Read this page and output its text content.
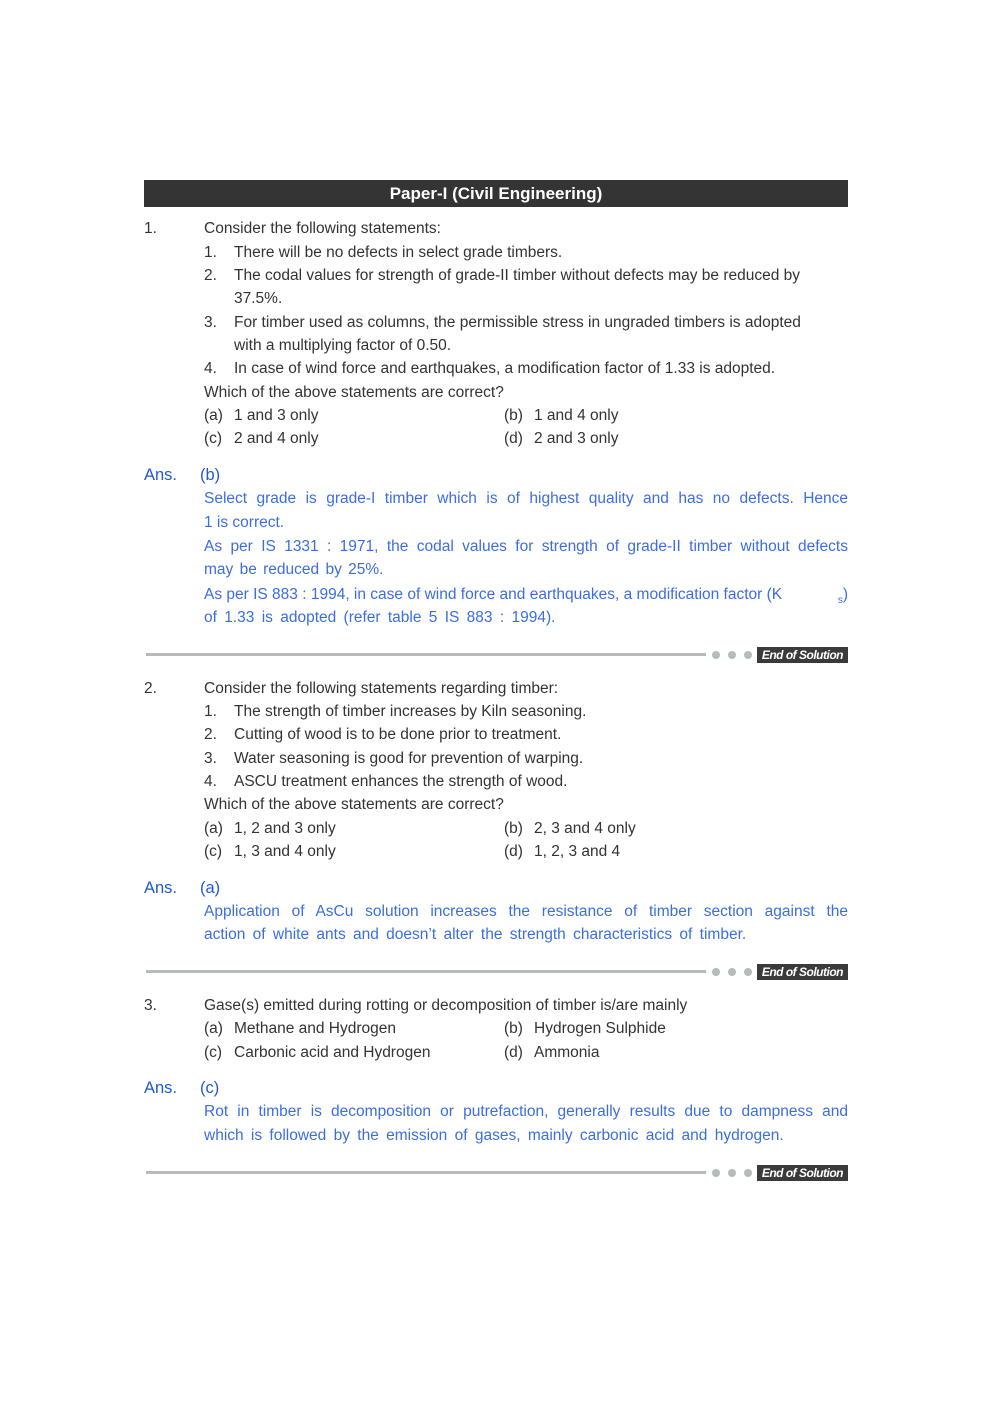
Paper-I (Civil Engineering)
1.	Consider the following statements:
1. There will be no defects in select grade timbers.
2. The codal values for strength of grade-II timber without defects may be reduced by
37.5%.
3. For timber used as columns, the permissible stress in ungraded timbers is adopted
with a multiplying factor of 0.50.
4. In case of wind force and earthquakes, a modification factor of 1.33 is adopted.
Which of the above statements are correct?
(a) 1 and 3 only	(b) 1 and 4 only
(c) 2 and 4 only	(d) 2 and 3 only
Ans. (b)
Select grade is grade-I timber which is of highest quality and has no defects. Hence
1 is correct.
As per IS 1331 : 1971, the codal values for strength of grade-II timber without defects
may be reduced by 25%.
As per IS 883 : 1994, in case of wind force and earthquakes, a modification factor (K	$_s$)
of 1.33 is adopted (refer table 5 IS 883 : 1994).
End of Solution
2.	Consider the following statements regarding timber:
1. The strength of timber increases by Kiln seasoning.
2. Cutting of wood is to be done prior to treatment.
3. Water seasoning is good for prevention of warping.
4. ASCU treatment enhances the strength of wood.
Which of the above statements are correct?
(a) 1, 2 and 3 only	(b) 2, 3 and 4 only
(c) 1, 3 and 4 only	(d) 1, 2, 3 and 4
Ans. (a)
Application of AsCu solution increases the resistance of timber section against the
action of white ants and doesn’t alter the strength characteristics of timber.
End of Solution
3.	Gase(s) emitted during rotting or decomposition of timber is/are mainly
(a) Methane and Hydrogen	(b) Hydrogen Sulphide
(c) Carbonic acid and Hydrogen	(d) Ammonia
Ans. (c)
Rot in timber is decomposition or putrefaction, generally results due to dampness and
which is followed by the emission of gases, mainly carbonic acid and hydrogen.
End of Solution
